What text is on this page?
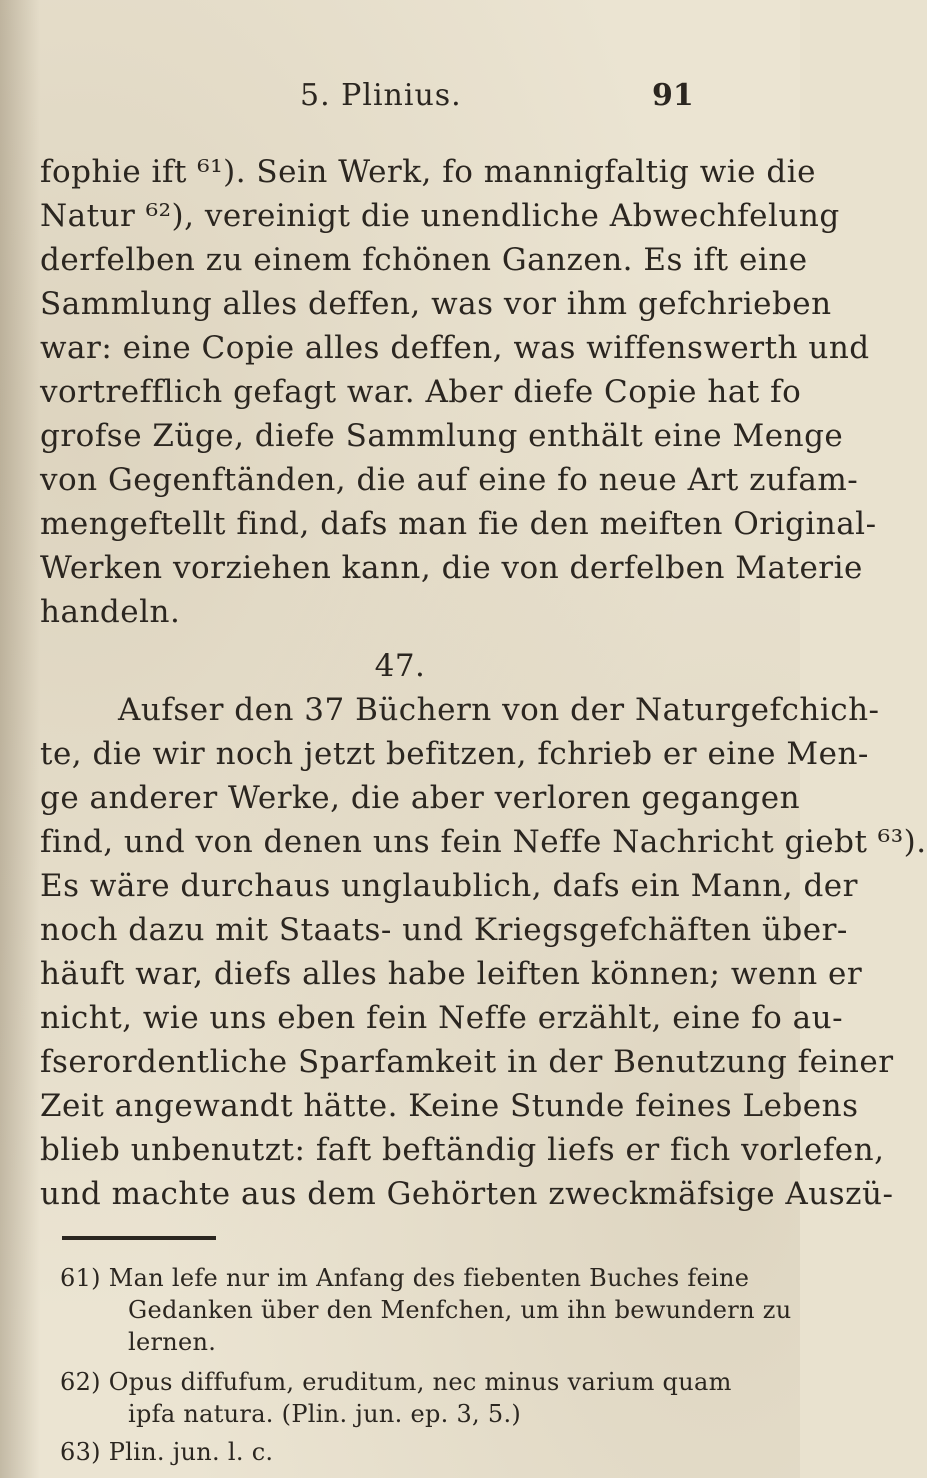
5. Plinius.	91
fophie ift ⁶¹). Sein Werk, fo mannigfaltig wie die
Natur ⁶²), vereinigt die unendliche Abwechfelung
derfelben zu einem fchönen Ganzen. Es ift eine
Sammlung alles deffen, was vor ihm gefchrieben
war: eine Copie alles deffen, was wiffenswerth und
vortrefflich gefagt war. Aber diefe Copie hat fo
grofse Züge, diefe Sammlung enthält eine Menge
von Gegenftänden, die auf eine fo neue Art zufam-
mengeftellt find, dafs man fie den meiften Original-
Werken vorziehen kann, die von derfelben Materie
handeln.
47.
Aufser den 37 Büchern von der Naturgefchich-
te, die wir noch jetzt befitzen, fchrieb er eine Men-
ge anderer Werke, die aber verloren gegangen
find, und von denen uns fein Neffe Nachricht giebt ⁶³).
Es wäre durchaus unglaublich, dafs ein Mann, der
noch dazu mit Staats- und Kriegsgefchäften über-
häuft war, diefs alles habe leiften können; wenn er
nicht, wie uns eben fein Neffe erzählt, eine fo au-
fserordentliche Sparfamkeit in der Benutzung feiner
Zeit angewandt hätte. Keine Stunde feines Lebens
blieb unbenutzt: faft beftändig liefs er fich vorlefen,
und machte aus dem Gehörten zweckmäfsige Auszü-
61) Man lefe nur im Anfang des fiebenten Buches feine
Gedanken über den Menfchen, um ihn bewundern zu
lernen.
62) Opus diffufum, eruditum, nec minus varium quam
ipfa natura. (Plin. jun. ep. 3, 5.)
63) Plin. jun. l. c.
